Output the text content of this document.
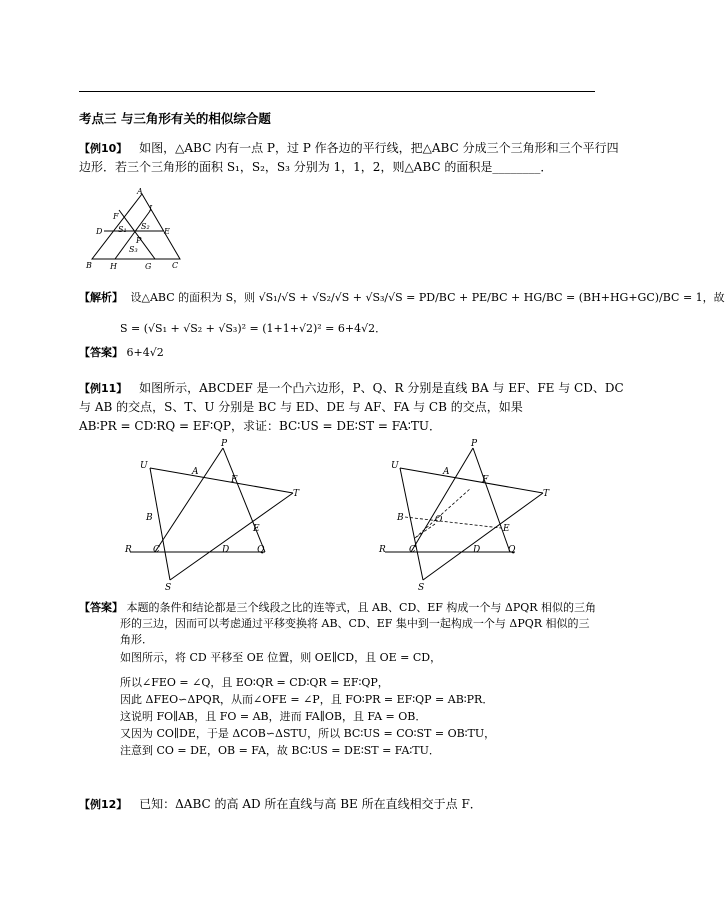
考点三 与三角形有关的相似综合题
【例10】 如图，△ABC 内有一点 P，过 P 作各边的平行线，把△ABC 分成三个三角形和三个平行四
边形．若三个三角形的面积 S₁，S₂，S₃ 分别为 1，1，2，则△ABC 的面积是________．
A
I
F
S₂
D S₁	E
P
S₃
B H	G	C
【解析】 设△ABC 的面积为 S，则 √S₁/√S + √S₂/√S + √S₃/√S = PD/BC + PE/BC + HG/BC = (BH+HG+GC)/BC = 1，故
S = (√S₁ + √S₂ + √S₃)² = (1+1+√2)² = 6+4√2．
【答案】 6+4√2
【例11】 如图所示，ABCDEF 是一个凸六边形，P、Q、R 分别是直线 BA 与 EF、FE 与 CD、DC
与 AB 的交点，S、T、U 分别是 BC 与 ED、DE 与 AF、FA 与 CB 的交点，如果
AB∶PR = CD∶RQ = EF∶QP，求证：BC∶US = DE∶ST = FA∶TU．
P
U
A
F
T
B
E
R C	D	Q
S
P
U
A
F
T
B	O
E
R	C	D	Q
S
【答案】 本题的条件和结论都是三个线段之比的连等式，且 AB、CD、EF 构成一个与 ΔPQR 相似的三角
形的三边，因而可以考虑通过平移变换将 AB、CD、EF 集中到一起构成一个与 ΔPQR 相似的三
角形．
如图所示，将 CD 平移至 OE 位置，则 OE∥CD，且 OE = CD，
所以∠FEO = ∠Q，且 EO∶QR = CD∶QR = EF∶QP，
因此 ΔFEO∽ΔPQR，从而∠OFE = ∠P，且 FO∶PR = EF∶QP = AB∶PR．
这说明 FO∥AB，且 FO = AB，进而 FA∥OB，且 FA = OB．
又因为 CO∥DE，于是 ΔCOB∽ΔSTU，所以 BC∶US = CO∶ST = OB∶TU，
注意到 CO = DE，OB = FA，故 BC∶US = DE∶ST = FA∶TU．
【例12】 已知：ΔABC 的高 AD 所在直线与高 BE 所在直线相交于点 F．
